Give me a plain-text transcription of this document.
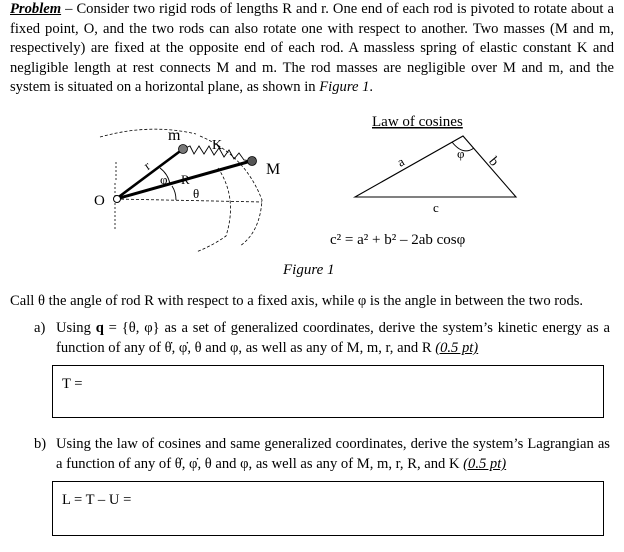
Problem – Consider two rigid rods of lengths R and r. One end of each rod is pivoted to rotate about a fixed point, O, and the two rods can also rotate one with respect to another. Two masses (M and m, respectively) are fixed at the opposite end of each rod. A massless spring of elastic constant K and negligible length at rest connects M and m. The rod masses are negligible over M and m, and the system is situated on a horizontal plane, as shown in Figure 1.
O
m
r
φ R
θ
K
M
Law of cosines
φ
a	b
c
c² = a² + b² – 2ab cosφ
Figure 1
Call θ the angle of rod R with respect to a fixed axis, while φ is the angle in between the two rods.
a) Using q = {θ, φ} as a set of generalized coordinates, derive the system’s kinetic energy as a function of any of θ̇, φ̇, θ and φ, as well as any of M, m, r, and R (0.5 pt)
T =
b) Using the law of cosines and same generalized coordinates, derive the system’s Lagrangian as a function of any of θ̇, φ̇, θ and φ, as well as any of M, m, r, R, and K (0.5 pt)
L = T – U =
